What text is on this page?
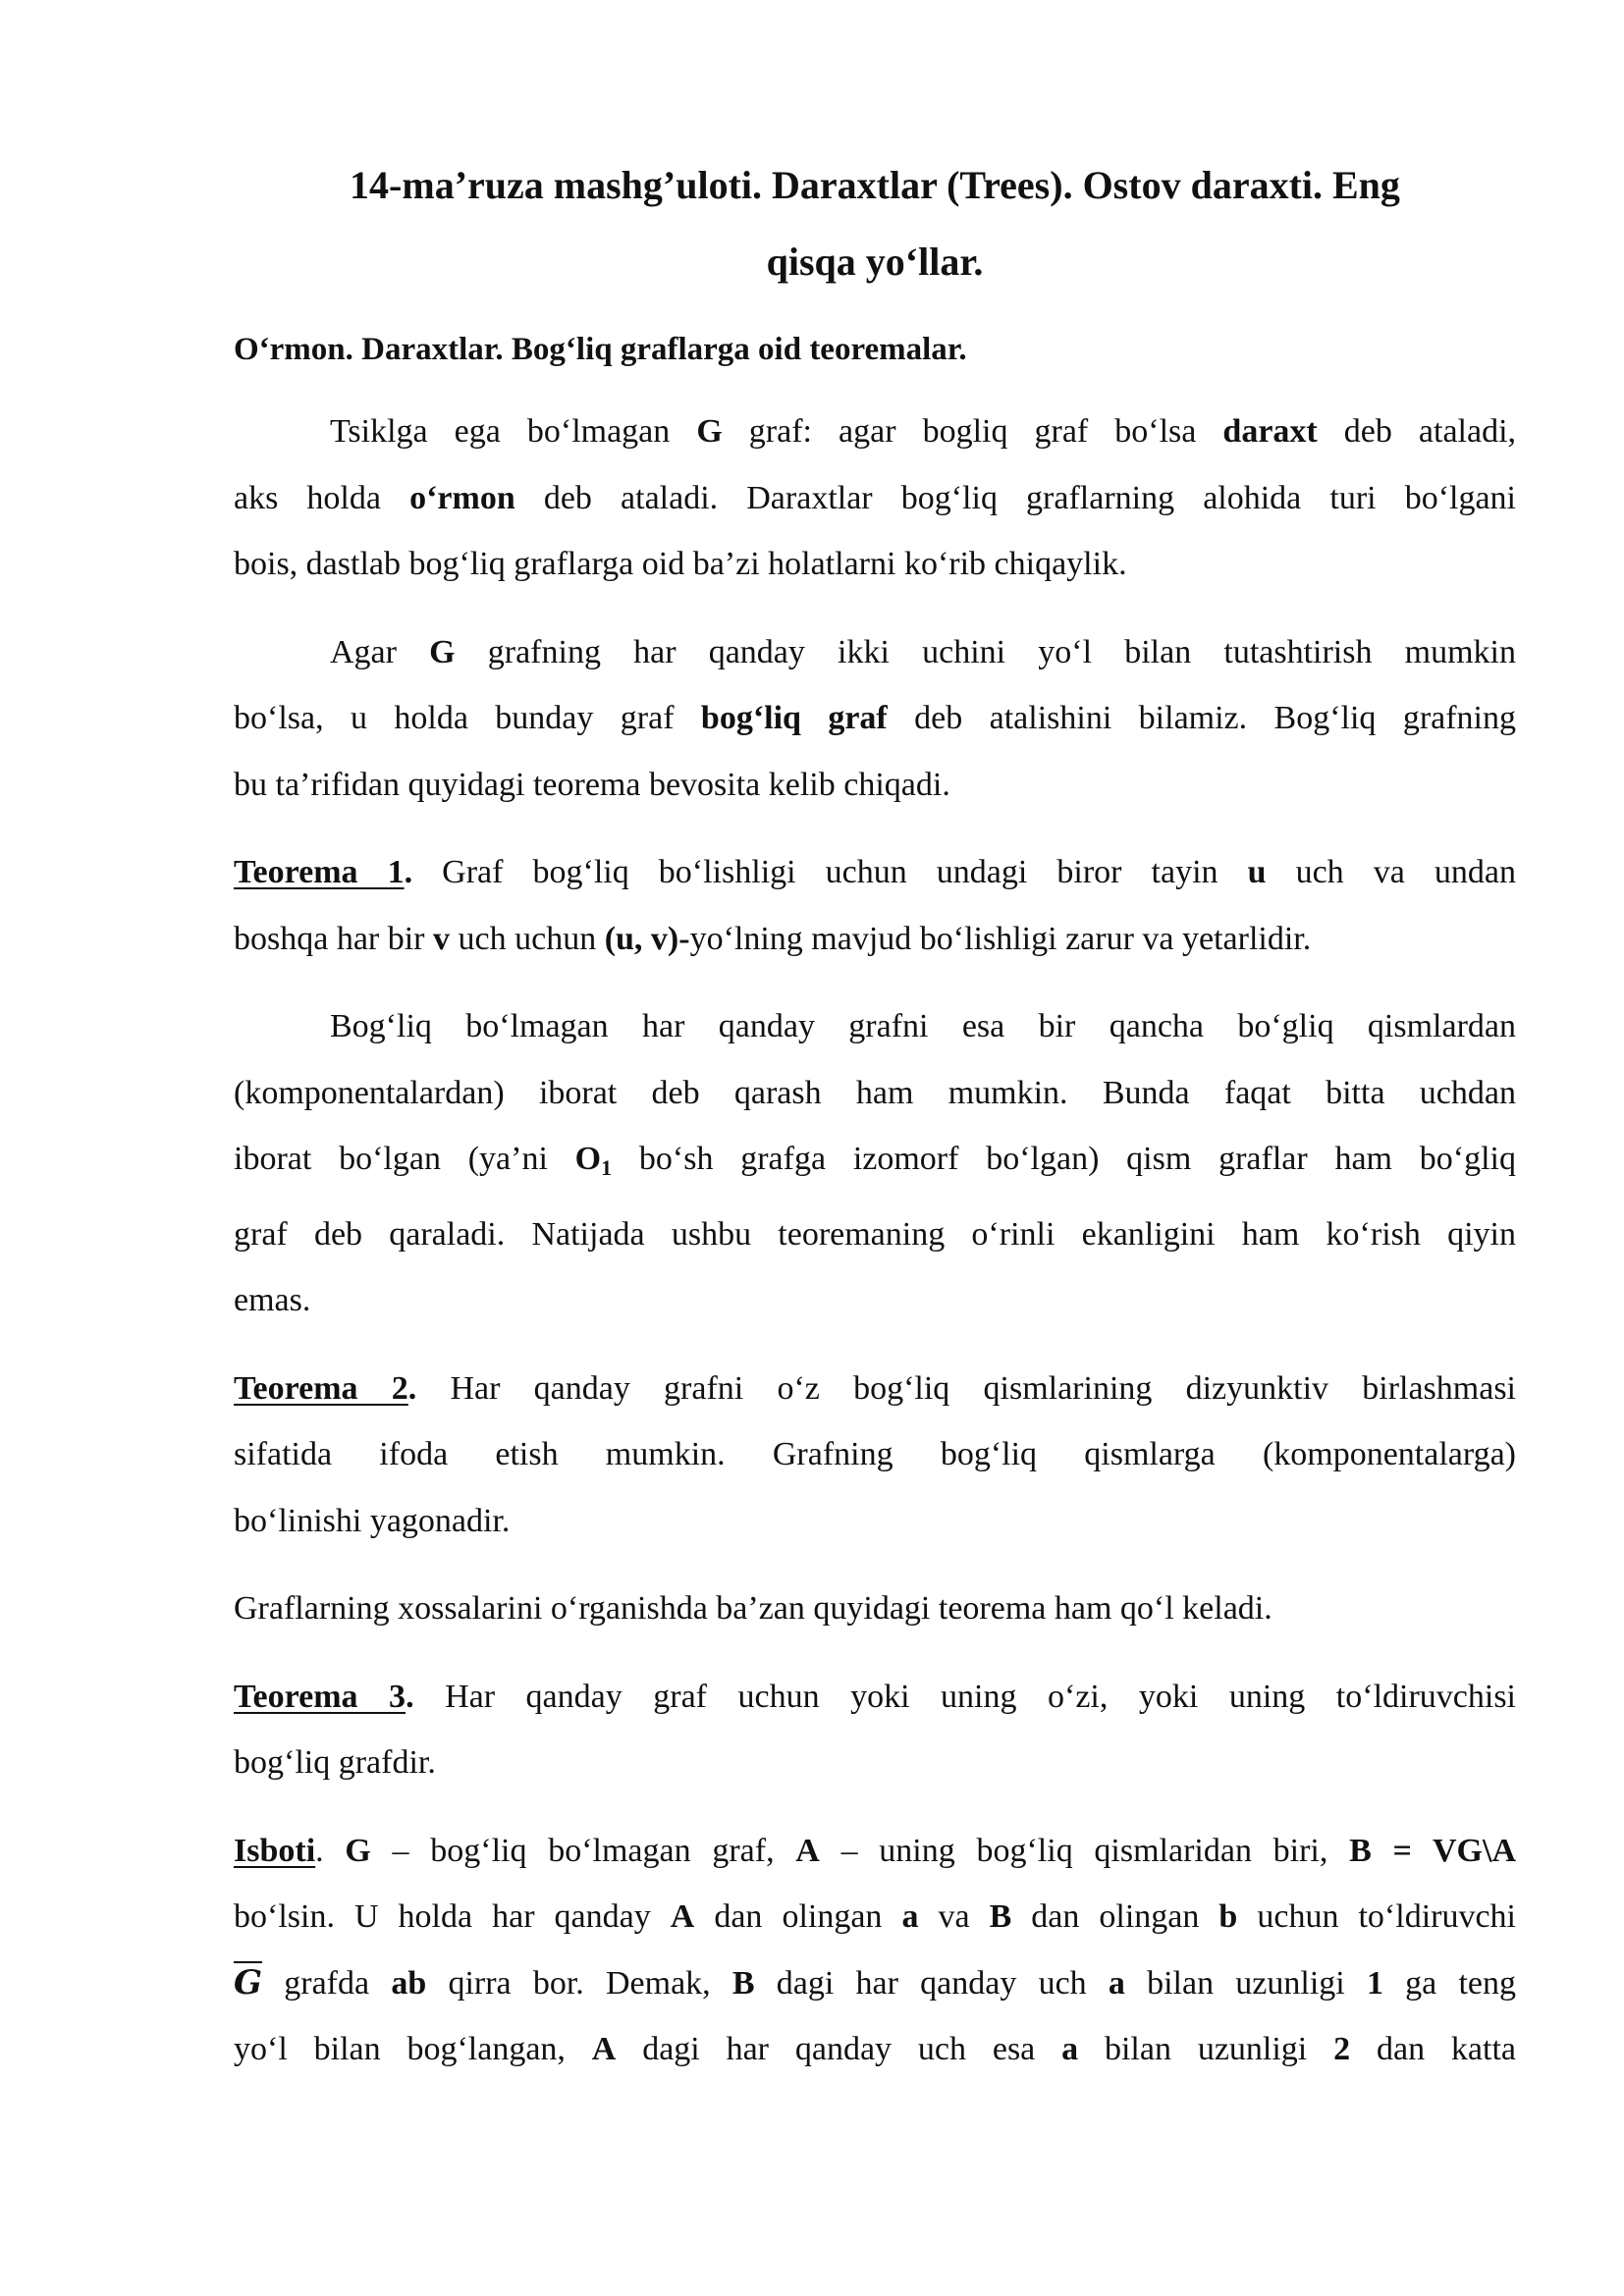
14-ma’ruza mashg’uloti. Daraxtlar (Trees). Ostov daraxti. Eng
qisqa yo‘llar.
O‘rmon. Daraxtlar. Bog‘liq graflarga oid teoremalar.
Tsiklga ega bo‘lmagan G graf: agar bogliq graf bo‘lsa daraxt deb ataladi,
aks holda o‘rmon deb ataladi. Daraxtlar bog‘liq graflarning alohida turi bo‘lgani
bois, dastlab bog‘liq graflarga oid ba’zi holatlarni ko‘rib chiqaylik.
Agar G grafning har qanday ikki uchini yo‘l bilan tutashtirish mumkin
bo‘lsa, u holda bunday graf bog‘liq graf deb atalishini bilamiz. Bog‘liq grafning
bu ta’rifidan quyidagi teorema bevosita kelib chiqadi.
Teorema 1. Graf bog‘liq bo‘lishligi uchun undagi biror tayin u uch va undan
boshqa har bir v uch uchun (u, v)-yo‘lning mavjud bo‘lishligi zarur va yetarlidir.
Bog‘liq bo‘lmagan har qanday grafni esa bir qancha bo‘gliq qismlardan
(komponentalardan) iborat deb qarash ham mumkin. Bunda faqat bitta uchdan
iborat bo‘lgan (ya’ni $O_1$ bo‘sh grafga izomorf bo‘lgan) qism graflar ham bo‘gliq
graf deb qaraladi. Natijada ushbu teoremaning o‘rinli ekanligini ham ko‘rish qiyin
emas.
Teorema 2. Har qanday grafni o‘z bog‘liq qismlarining dizyunktiv birlashmasi
sifatida ifoda etish mumkin. Grafning bog‘liq qismlarga (komponentalarga)
bo‘linishi yagonadir.
Graflarning xossalarini o‘rganishda ba’zan quyidagi teorema ham qo‘l keladi.
Teorema 3. Har qanday graf uchun yoki uning o‘zi, yoki uning to‘ldiruvchisi
bog‘liq grafdir.
Isboti. G – bog‘liq bo‘lmagan graf, A – uning bog‘liq qismlaridan biri, B = VG\A
bo‘lsin. U holda har qanday A dan olingan a va B dan olingan b uchun to‘ldiruvchi
$\overline{G}$ grafda ab qirra bor. Demak, B dagi har qanday uch a bilan uzunligi 1 ga teng
yo‘l bilan bog‘langan, A dagi har qanday uch esa a bilan uzunligi 2 dan katta
